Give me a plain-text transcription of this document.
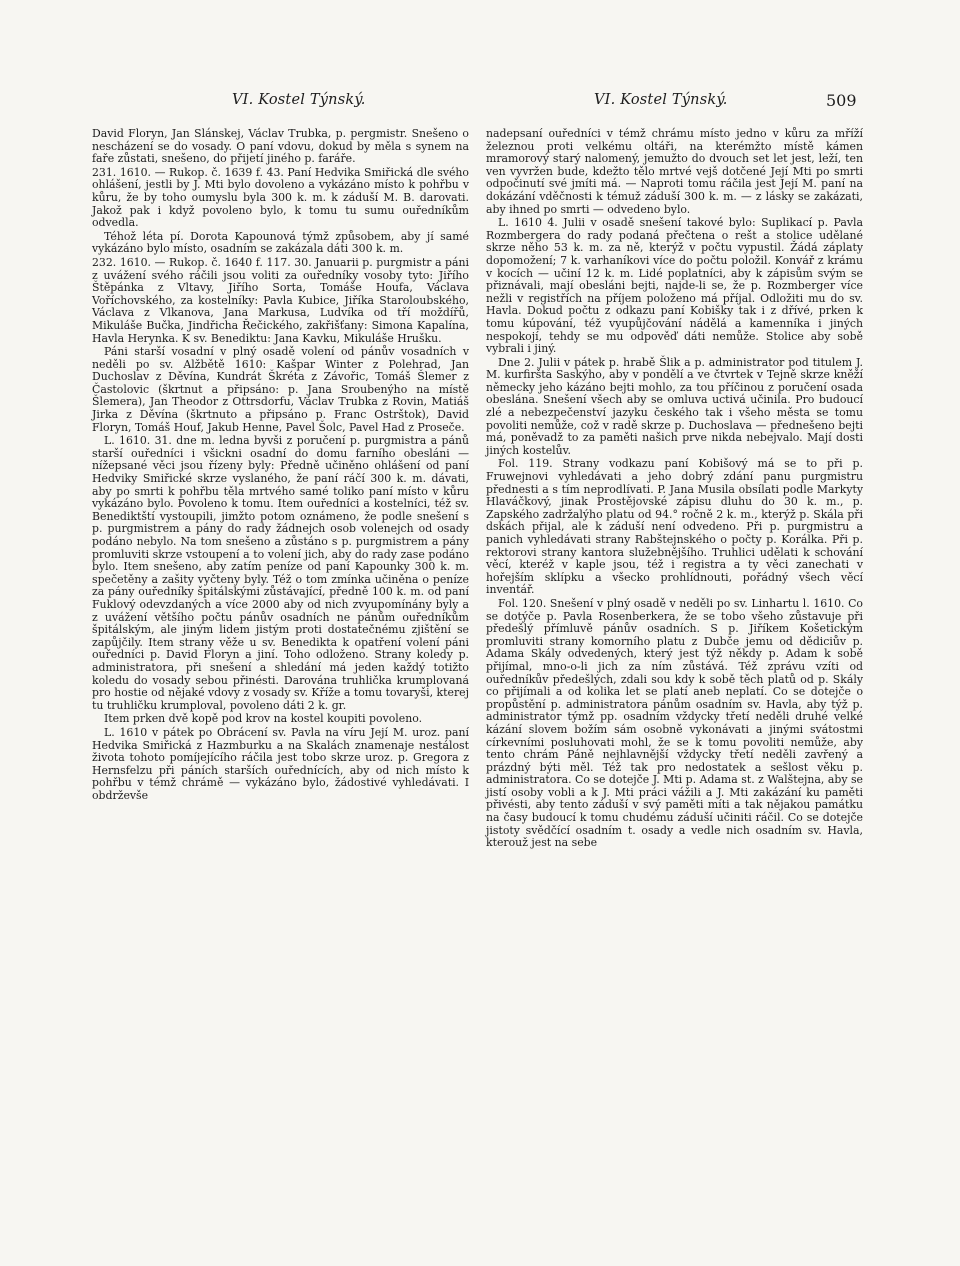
VI. Kostel Týnský.	VI. Kostel Týnský.	509

David Floryn, Jan Slánskej, Václav Trubka, p. pergmistr. Snešeno o nescházení se do vosady. O paní vdovu, dokud by měla s synem na faře zůstati, snešeno, do přijetí jiného p. faráře.

231. 1610. — Rukop. č. 1639 f. 43. Paní Hedvika Smiřická dle svého ohlášení, jestli by J. Mti bylo dovoleno a vykázáno místo k pohřbu v kůru, že by toho oumyslu byla 300 k. m. k záduší M. B. darovati. Jakož pak i když povoleno bylo, k tomu tu sumu ouředníkům odvedla.

Téhož léta pí. Dorota Kapounová týmž způsobem, aby jí samé vykázáno bylo místo, osadním se zakázala dáti 300 k. m.

232. 1610. — Rukop. č. 1640 f. 117. 30. Januarii p. purgmistr a páni z uvážení svého ráčili jsou voliti za ouředníky vosoby tyto: Jiřího Štěpánka z Vltavy, Jiřího Sorta, Tomáše Houfa, Václava Voříchovského, za kostelníky: Pavla Kubice, Jiříka Staroloubského, Václava z Vlkanova, Jana Markusa, Ludvíka od tří moždířů, Mikuláše Bučka, Jindřicha Řečického, zakřišťany: Simona Kapalína, Havla Herynka. K sv. Benediktu: Jana Kavku, Mikuláše Hrušku.

Páni starší vosadní v plný osadě volení od pánův vosadních v neděli po sv. Alžbětě 1610: Kašpar Winter z Polehrad, Jan Duchoslav z Děvína, Kundrát Škréta z Závořic, Tomáš Šlemer z Častolovic (škrtnut a připsáno: p. Jana Sroubenýho na místě Šlemera), Jan Theodor z Ottrsdorfu, Václav Trubka z Rovin, Matiáš Jirka z Děvína (škrtnuto a připsáno p. Franc Ostrštok), David Floryn, Tomáš Houf, Jakub Henne, Pavel Šolc, Pavel Had z Proseče.

L. 1610. 31. dne m. ledna byvši z poručení p. purgmistra a pánů starší ouředníci i všickni osadní do domu farního obesláni — nížepsané věci jsou řízeny byly: Předně učiněno ohlášení od paní Hedviky Smiřické skrze vyslaného, že paní ráčí 300 k. m. dávati, aby po smrti k pohřbu těla mrtvého samé toliko paní místo v kůru vykázáno bylo. Povoleno k tomu. Item ouředníci a kostelníci, též sv. Benediktští vystoupili, jimžto potom oznámeno, že podle snešení s p. purgmistrem a pány do rady žádnejch osob volenejch od osady podáno nebylo. Na tom snešeno a zůstáno s p. purgmistrem a pány promluviti skrze vstoupení a to volení jich, aby do rady zase podáno bylo. Item snešeno, aby zatím peníze od paní Kapounky 300 k. m. spečetěny a zašity vyčteny byly. Též o tom zmínka učiněna o peníze za pány ouředníky špitálskými zůstávající, předně 100 k. m. od paní Fuklový odevzdaných a více 2000 aby od nich zvyupomínány byly a z uvážení většího počtu pánův osadních ne pánům ouředníkům špitálským, ale jiným lidem jistým proti dostatečnému zjištění se zapůjčily. Item strany věže u sv. Benedikta k opatření volení páni ouředníci p. David Floryn a jiní. Toho odloženo. Strany koledy p. administratora, při snešení a shledání má jeden každý totižto koledu do vosady sebou přinésti. Darována truhlička krumplovaná pro hostie od nějaké vdovy z vosady sv. Kříže a tomu tovaryši, kterej tu truhličku krumploval, povoleno dáti 2 k. gr.

Item prken dvě kopě pod krov na kostel koupiti povoleno.

L. 1610 v pátek po Obrácení sv. Pavla na víru Její M. uroz. paní Hedvika Smiřická z Hazmburku a na Skalách znamenaje nestálost života tohoto pomíjejícího ráčila jest tobo skrze uroz. p. Gregora z Hernsfelzu při páních starších ouřednících, aby od nich místo k pohřbu v témž chrámě — vykázáno bylo, žádostivé vyhledávati. I obdrževše

nadepsaní ouředníci v témž chrámu místo jedno v kůru za mříží železnou proti velkému oltáři, na kterémžto místě kámen mramorový starý nalomený, jemužto do dvouch set let jest, leží, ten ven vyvržen bude, kdežto tělo mrtvé vejš dotčené Její Mti po smrti odpočinutí své jmíti má. — Naproti tomu ráčila jest Její M. paní na dokázání vděčnosti k témuž záduší 300 k. m. — z lásky se zakázati, aby ihned po smrti — odvedeno bylo.

L. 1610 4. Julii v osadě snešení takové bylo: Suplikací p. Pavla Rozmbergera do rady podaná přečtena o rešt a stolice udělané skrze něho 53 k. m. za ně, kterýž v počtu vypustil. Žádá záplaty dopomožení; 7 k. varhaníkovi více do počtu položil. Konvář z krámu v kocích — učiní 12 k. m. Lidé poplatníci, aby k zápisům svým se přiznávali, mají obesláni bejti, najde-li se, že p. Rozmberger více nežli v registřích na příjem položeno má příjal. Odložiti mu do sv. Havla. Dokud počtu z odkazu paní Kobišky tak i z dřívé, prken k tomu kúpování, též vyupůjčování nádělá a kamenníka i jiných nespokojí, tehdy se mu odpověď dáti nemůže. Stolice aby sobě vybrali i jiný.

Dne 2. Julii v pátek p. hrabě Šlik a p. administrator pod titulem J. M. kurfiršta Saskýho, aby v pondělí a ve čtvrtek v Tejně skrze kněží německy jeho kázáno bejti mohlo, za tou příčinou z poručení osada obeslána. Snešení všech aby se omluva uctivá učinila. Pro budoucí zlé a nebezpečenství jazyku českého tak i všeho města se tomu povoliti nemůže, což v radě skrze p. Duchoslava — přednešeno bejti má, poněvadž to za paměti našich prve nikda nebejvalo. Mají dosti jiných kostelův.

Fol. 119. Strany vodkazu paní Kobišový má se to při p. Fruwejnovi vyhledávati a jeho dobrý zdání panu purgmistru přednesti a s tím neprodlívati. P. Jana Musila obsílati podle Markyty Hlaváčkový, jinak Prostějovské zápisu dluhu do 30 k. m., p. Zapského zadržalýho platu od 94.° ročně 2 k. m., kterýž p. Skála při dskách přijal, ale k záduší není odvedeno. Při p. purgmistru a panich vyhledávati strany Rabštejnského o počty p. Korálka. Při p. rektorovi strany kantora služebnějšího. Truhlici udělati k schování věcí, kteréž v kaple jsou, též i registra a ty věci zanechati v hořejším sklípku a všecko prohlídnouti, pořádný všech věcí inventář.

Fol. 120. Snešení v plný osadě v neděli po sv. Linhartu l. 1610. Co se dotýče p. Pavla Rosenberkera, že se tobo všeho zůstavuje při předešlý přímluvě pánův osadních. S p. Jiříkem Košetickým promluviti strany komorního platu z Dubče jemu od dědiciův p. Adama Skály odvedených, který jest týž někdy p. Adam k sobě přijímal, mno-o-li jich za ním zůstává. Též zprávu vzíti od ouředníkův předešlých, zdali sou kdy k sobě těch platů od p. Skály co přijímali a od kolika let se platí aneb neplatí. Co se dotejče o propůstění p. administratora pánům osadním sv. Havla, aby týž p. administrator týmž pp. osadním vždycky třetí neděli druhé velké kázání slovem božím sám osobně vykonávati a jinými svátostmi církevními posluhovati mohl, že se k tomu povoliti nemůže, aby tento chrám Páně nejhlavnější vždycky třetí neděli zavřený a prázdný býti měl. Též tak pro nedostatek a sešlost věku p. administratora. Co se dotejče J. Mti p. Adama st. z Walštejna, aby se jistí osoby vobli a k J. Mti práci vážili a J. Mti zakázání ku paměti přivésti, aby tento záduší v svý paměti míti a tak nějakou památku na časy budoucí k tomu chudému záduší učiniti ráčil. Co se dotejče jistoty svědčící osadním t. osady a vedle nich osadním sv. Havla, kterouž jest na sebe
